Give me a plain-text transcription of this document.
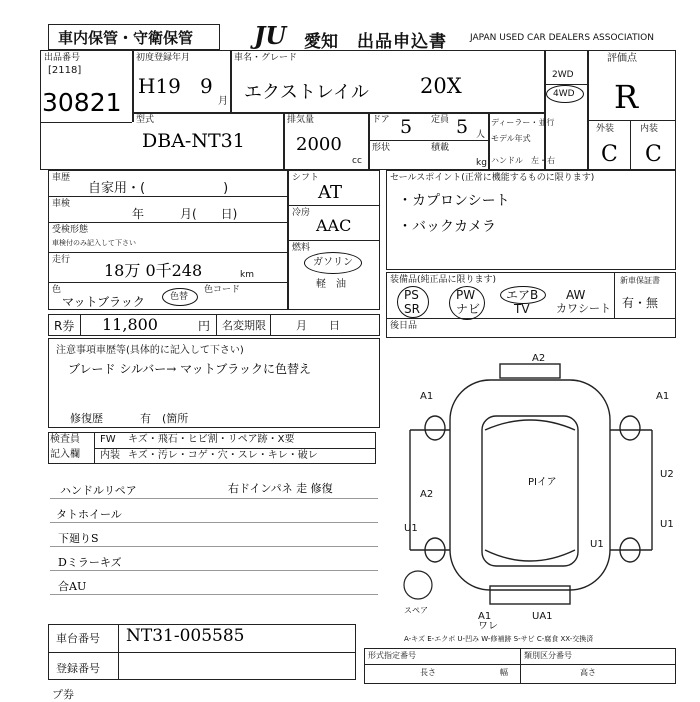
車内保管・守衛保管	JU	愛知 出品申込書	JAPAN USED CAR DEALERS ASSOCIATION
出品番号
[2118]
30821
初度登録年月
H19 9
月
車名・グレード
エクストレイル 20X	2WD
4WD
評価点
R
外装	内装
C C
型式
DBA-NT31
排気量
2000
cc
ドア 5 定員 5 人
形状	積載
kg
ディーラー・並行
モデル年式
ハンドル　左・右
車歴
自家用・(　　　　　　)
車検
年　　　月(　　日)
受検形態
車検付のみ記入して下さい
走行
18万 0千248	km
色
マットブラック	色替
色コード
シフト
AT
冷房
AAC
燃料
ガソリン
軽　油
セールスポイント(正常に機能するものに限ります)
・カプロンシート
・バックカメラ
装備品(純正品に限ります)	新車保証書
有・無
PS	PW	エアB AW
SR	ナビ	TV カワシート
後日品
R券 11,800	円 名変期限	月　　日
注意事項車歴等(具体的に記入して下さい)
ブレード シルバー→ マットブラックに色替え
修復歴	有　(箇所
検査員
記入欄
FW キズ・飛石・ヒビ割・リペア跡・X要
内装 キズ・汚レ・コゲ・穴・スレ・キレ・破レ
ハンドルリペア
タトホイール
下廻りS
Dミラーキズ
合AU
右ドインパネ 走 修復
A2
A1	A1
A2
U1
U2
U1
U1
PIイア
A1
ワレ
UA1
スペア
A-キズ E-エクボ U-凹み W-修補跡 S-サビ C-腐食 XX-交換済
車台番号 NT31-005585
登録番号
プ券
形式指定番号	類別区分番号
長さ	幅	高さ
